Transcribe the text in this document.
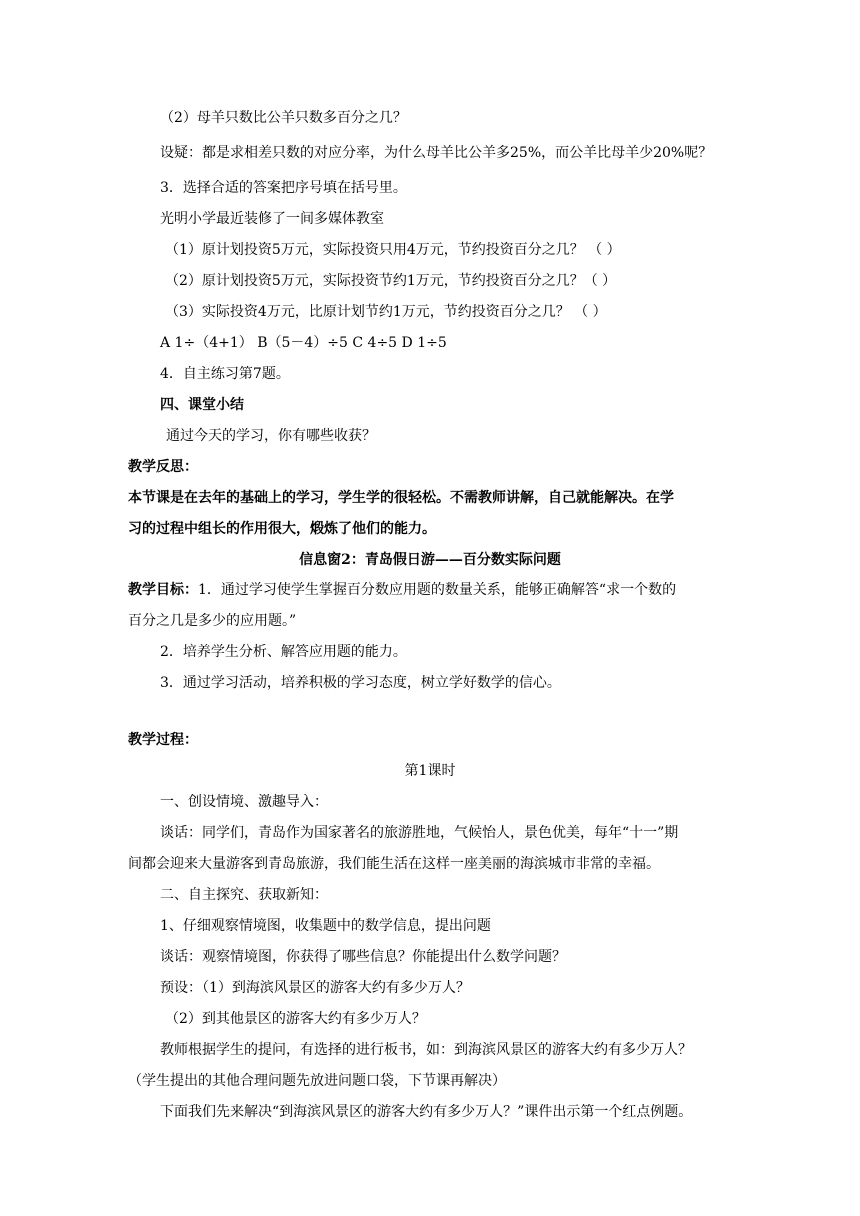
（2）母羊只数比公羊只数多百分之几？
设疑：都是求相差只数的对应分率，为什么母羊比公羊多25%，而公羊比母羊少20%呢？
3．选择合适的答案把序号填在括号里。
光明小学最近装修了一间多媒体教室
（1）原计划投资5万元，实际投资只用4万元，节约投资百分之几？ （ ）
（2）原计划投资5万元，实际投资节约1万元，节约投资百分之几？（ ）
（3）实际投资4万元，比原计划节约1万元，节约投资百分之几？ （ ）
A 1÷（4+1） B（5－4）÷5 C 4÷5 D 1÷5
4．自主练习第7题。
四、课堂小结
通过今天的学习，你有哪些收获？
教学反思：
本节课是在去年的基础上的学习，学生学的很轻松。不需教师讲解，自己就能解决。在学
习的过程中组长的作用很大，煅炼了他们的能力。
信息窗2：青岛假日游——百分数实际问题
教学目标：1．通过学习使学生掌握百分数应用题的数量关系，能够正确解答“求一个数的
百分之几是多少的应用题。”
2．培养学生分析、解答应用题的能力。
3．通过学习活动，培养积极的学习态度，树立学好数学的信心。
教学过程：
第1课时
一、创设情境、激趣导入：
谈话：同学们，青岛作为国家著名的旅游胜地，气候怡人，景色优美，每年“十一”期
间都会迎来大量游客到青岛旅游，我们能生活在这样一座美丽的海滨城市非常的幸福。
二、自主探究、获取新知：
1、仔细观察情境图，收集题中的数学信息，提出问题
谈话：观察情境图，你获得了哪些信息？你能提出什么数学问题？
预设：（1）到海滨风景区的游客大约有多少万人？
（2）到其他景区的游客大约有多少万人？
教师根据学生的提问，有选择的进行板书，如：到海滨风景区的游客大约有多少万人？
（学生提出的其他合理问题先放进问题口袋，下节课再解决）
下面我们先来解决“到海滨风景区的游客大约有多少万人？”课件出示第一个红点例题。
